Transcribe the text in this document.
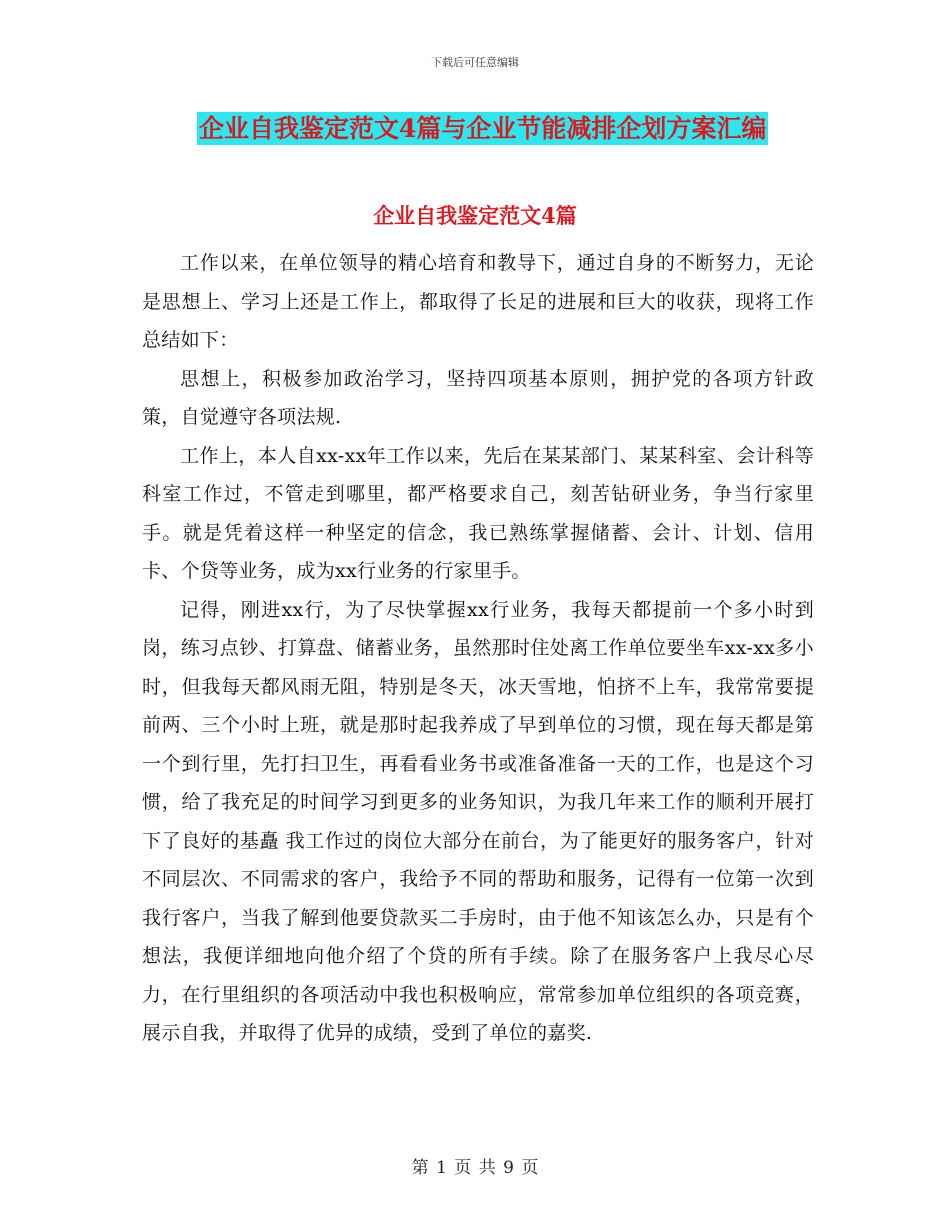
下载后可任意编辑
企业自我鉴定范文4篇与企业节能减排企划方案汇编
企业自我鉴定范文4篇

工作以来，在单位领导的精心培育和教导下，通过自身的不断努力，无论是思想上、学习上还是工作上，都取得了长足的进展和巨大的收获，现将工作总结如下：

思想上，积极参加政治学习，坚持四项基本原则，拥护党的各项方针政策，自觉遵守各项法规.

工作上，本人自xx-xx年工作以来，先后在某某部门、某某科室、会计科等科室工作过，不管走到哪里，都严格要求自己，刻苦钻研业务，争当行家里手。就是凭着这样一种坚定的信念，我已熟练掌握储蓄、会计、计划、信用卡、个贷等业务，成为xx行业务的行家里手。

记得，刚进xx行，为了尽快掌握xx行业务，我每天都提前一个多小时到岗，练习点钞、打算盘、储蓄业务，虽然那时住处离工作单位要坐车xx-xx多小时，但我每天都风雨无阻，特别是冬天，冰天雪地，怕挤不上车，我常常要提前两、三个小时上班，就是那时起我养成了早到单位的习惯，现在每天都是第一个到行里，先打扫卫生，再看看业务书或准备准备一天的工作，也是这个习惯，给了我充足的时间学习到更多的业务知识，为我几年来工作的顺利开展打下了良好的基矗 我工作过的岗位大部分在前台，为了能更好的服务客户，针对不同层次、不同需求的客户，我给予不同的帮助和服务，记得有一位第一次到我行客户，当我了解到他要贷款买二手房时，由于他不知该怎么办，只是有个想法，我便详细地向他介绍了个贷的所有手续。除了在服务客户上我尽心尽力，在行里组织的各项活动中我也积极响应，常常参加单位组织的各项竞赛，展示自我，并取得了优异的成绩，受到了单位的嘉奖.

第 1 页 共 9 页
